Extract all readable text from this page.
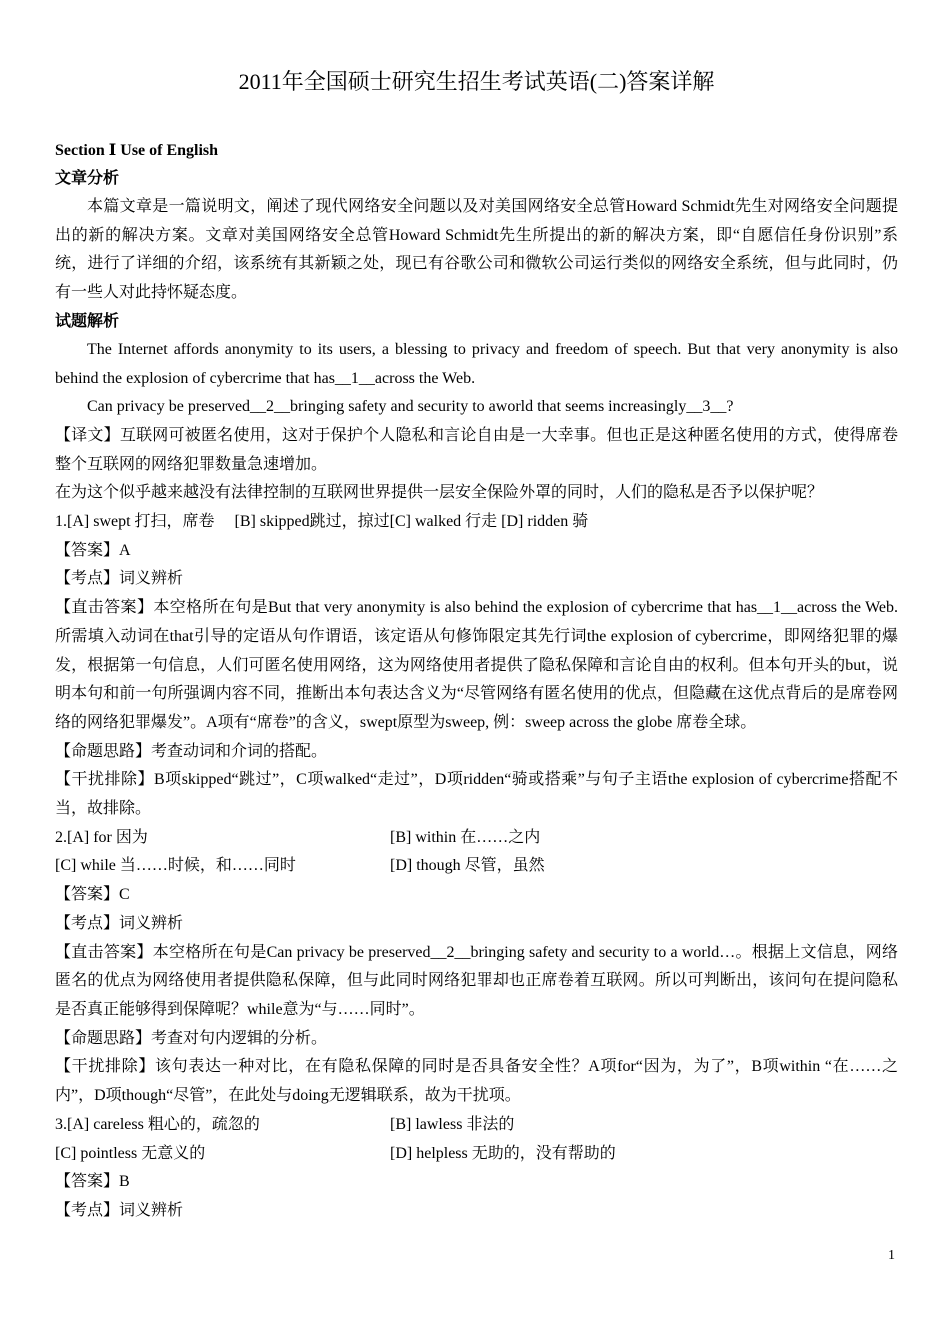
2011年全国硕士研究生招生考试英语(二)答案详解

Section Ⅰ Use of English

文章分析

本篇文章是一篇说明文，阐述了现代网络安全问题以及对美国网络安全总管Howard Schmidt先生对网络安全问题提出的新的解决方案。文章对美国网络安全总管Howard Schmidt先生所提出的新的解决方案，即“自愿信任身份识别”系统，进行了详细的介绍，该系统有其新颖之处，现已有谷歌公司和微软公司运行类似的网络安全系统，但与此同时，仍有一些人对此持怀疑态度。

试题解析

The Internet affords anonymity to its users, a blessing to privacy and freedom of speech. But that very anonymity is also behind the explosion of cybercrime that has__1__across the Web.

Can privacy be preserved__2__bringing safety and security to aworld that seems increasingly__3__?

【译文】互联网可被匿名使用，这对于保护个人隐私和言论自由是一大幸事。但也正是这种匿名使用的方式，使得席卷整个互联网的网络犯罪数量急速增加。

在为这个似乎越来越没有法律控制的互联网世界提供一层安全保险外罩的同时，人们的隐私是否予以保护呢？

1.[A] swept 打扫，席卷　 [B] skipped跳过，掠过[C] walked 行走 [D] ridden 骑

【答案】A

【考点】词义辨析

【直击答案】本空格所在句是But that very anonymity is also behind the explosion of cybercrime that has__1__across the Web.所需填入动词在that引导的定语从句作谓语，该定语从句修饰限定其先行词the explosion of cybercrime，即网络犯罪的爆发，根据第一句信息，人们可匿名使用网络，这为网络使用者提供了隐私保障和言论自由的权利。但本句开头的but，说明本句和前一句所强调内容不同，推断出本句表达含义为“尽管网络有匿名使用的优点，但隐藏在这优点背后的是席卷网络的网络犯罪爆发”。A项有“席卷”的含义，swept原型为sweep, 例：sweep across the globe 席卷全球。

【命题思路】考查动词和介词的搭配。

【干扰排除】B项skipped“跳过”，C项walked“走过”，D项ridden“骑或搭乘”与句子主语the explosion of cybercrime搭配不当，故排除。

2.[A] for 因为	[B] within 在……之内
[C] while 当……时候，和……同时	[D] though 尽管，虽然

【答案】C

【考点】词义辨析

【直击答案】本空格所在句是Can privacy be preserved__2__bringing safety and security to a world…。根据上文信息，网络匿名的优点为网络使用者提供隐私保障，但与此同时网络犯罪却也正席卷着互联网。所以可判断出，该问句在提问隐私是否真正能够得到保障呢？while意为“与……同时”。

【命题思路】考查对句内逻辑的分析。

【干扰排除】该句表达一种对比，在有隐私保障的同时是否具备安全性？A项for“因为，为了”，B项within “在……之内”，D项though“尽管”，在此处与doing无逻辑联系，故为干扰项。

3.[A] careless 粗心的，疏忽的	[B] lawless 非法的
[C] pointless 无意义的	[D] helpless 无助的，没有帮助的

【答案】B

【考点】词义辨析

1
